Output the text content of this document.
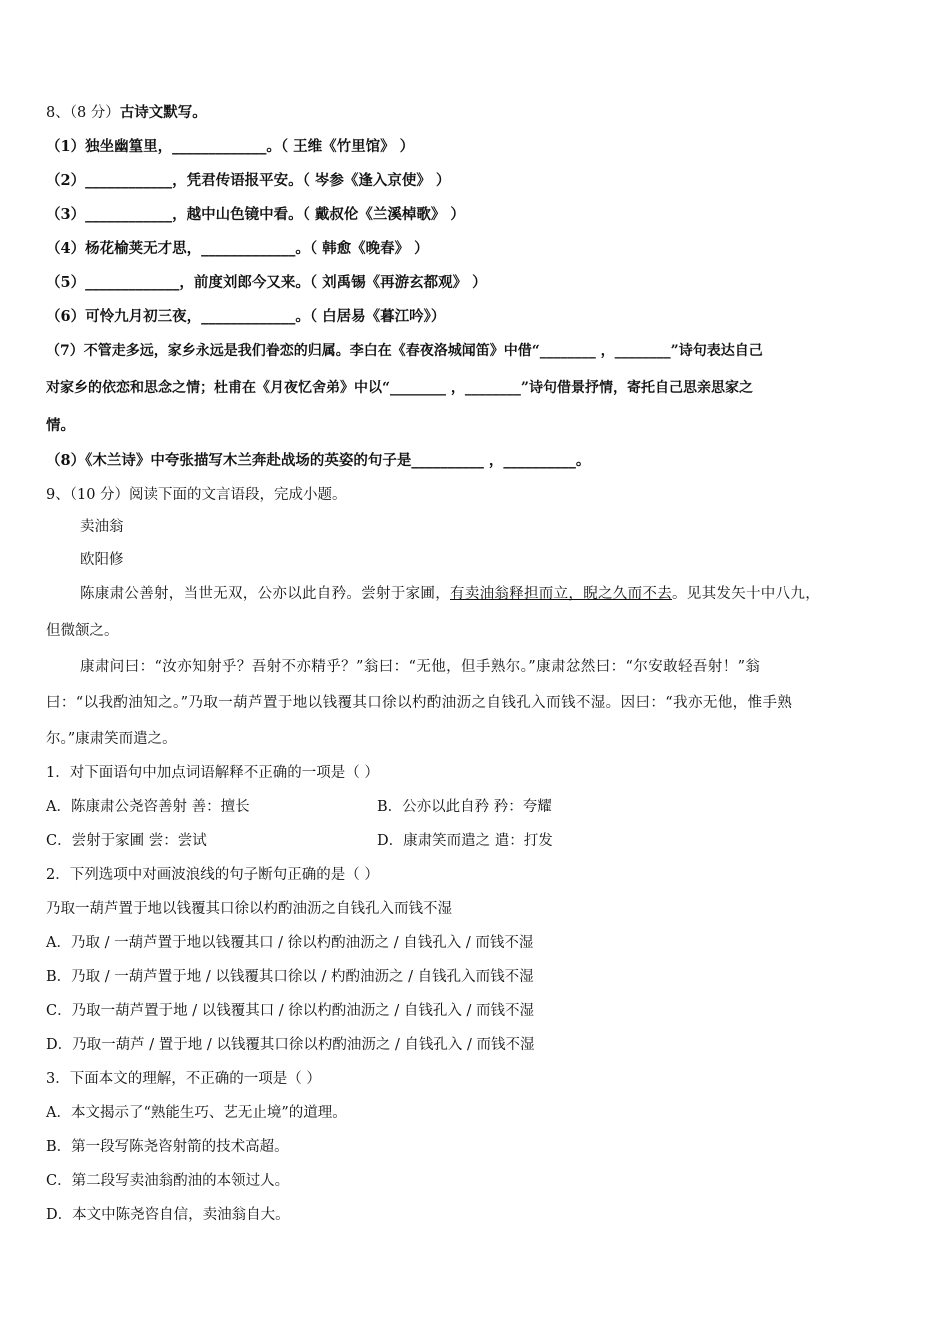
8、（8 分）古诗文默写。
（1）独坐幽篁里，_____________。（ 王维《竹里馆》 ）
（2）____________，凭君传语报平安。（ 岑参《逢入京使》 ）
（3）____________，越中山色镜中看。（ 戴叔伦《兰溪棹歌》 ）
（4）杨花榆荚无才思，_____________。（ 韩愈《晚春》 ）
（5）_____________，前度刘郎今又来。（ 刘禹锡《再游玄都观》 ）
（6）可怜九月初三夜，_____________。（ 白居易《暮江吟》）
（7）不管走多远，家乡永远是我们眷恋的归属。李白在《春夜洛城闻笛》中借“________ ，________”诗句表达自己
对家乡的依恋和思念之情；杜甫在《月夜忆舍弟》中以“________ ，________”诗句借景抒情，寄托自己思亲思家之
情。
（8）《木兰诗》中夸张描写木兰奔赴战场的英姿的句子是__________ ，__________。
9、（10 分）阅读下面的文言语段，完成小题。
卖油翁
欧阳修
陈康肃公善射，当世无双，公亦以此自矜。尝射于家圃，有卖油翁释担而立，睨之久而不去。见其发矢十中八九，
但微颔之。
康肃问曰：“汝亦知射乎？吾射不亦精乎？”翁曰：“无他，但手熟尔。”康肃忿然曰：“尔安敢轻吾射！”翁
曰：“以我酌油知之。”乃取一葫芦置于地以钱覆其口徐以杓酌油沥之自钱孔入而钱不湿。因曰：“我亦无他，惟手熟
尔。”康肃笑而遣之。
1．对下面语句中加点词语解释不正确的一项是（ ）
A．陈康肃公尧咨善射 善：擅长	B．公亦以此自矜 矜：夸耀
C．尝射于家圃 尝：尝试	D．康肃笑而遣之 遣：打发
2．下列选项中对画波浪线的句子断句正确的是（ ）
乃取一葫芦置于地以钱覆其口徐以杓酌油沥之自钱孔入而钱不湿
A．乃取 / 一葫芦置于地以钱覆其口 / 徐以杓酌油沥之 / 自钱孔入 / 而钱不湿
B．乃取 / 一葫芦置于地 / 以钱覆其口徐以 / 杓酌油沥之 / 自钱孔入而钱不湿
C．乃取一葫芦置于地 / 以钱覆其口 / 徐以杓酌油沥之 / 自钱孔入 / 而钱不湿
D．乃取一葫芦 / 置于地 / 以钱覆其口徐以杓酌油沥之 / 自钱孔入 / 而钱不湿
3．下面本文的理解，不正确的一项是（ ）
A．本文揭示了“熟能生巧、艺无止境”的道理。
B．第一段写陈尧咨射箭的技术高超。
C．第二段写卖油翁酌油的本领过人。
D．本文中陈尧咨自信，卖油翁自大。
